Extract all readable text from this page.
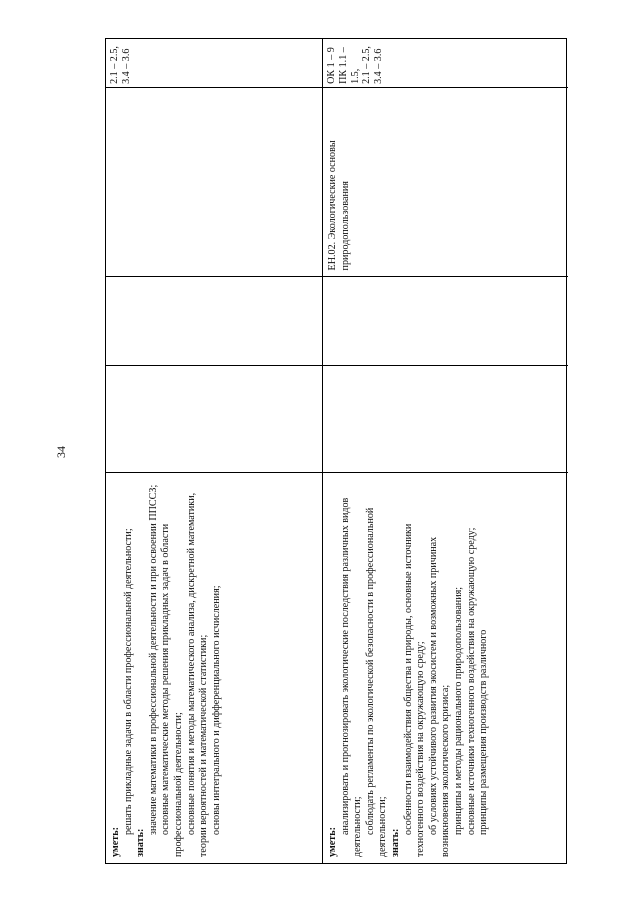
34

уметь:

решать прикладные задачи в области профессиональной деятельности;

знать:

значение математики в профессиональной деятельности и при освоении ППССЗ; основные математические методы решения прикладных задач в области профессиональной деятельности; основные понятия и методы математического анализа, дискретной математики, теории вероятностей и математической статистики; основы интегрального и дифференциального исчисления;

2.1 – 2.5,
3.4 – 3.6

уметь:

анализировать и прогнозировать экологические последствия различных видов деятельности; соблюдать регламенты по экологической безопасности в профессиональной деятельности; знать:

особенности взаимодействия общества и природы, основные источники техногенного воздействия на окружающую среду; об условиях устойчивого развития экосистем и возможных причинах возникновения экологического кризиса; принципы и методы рационального природопользования; основные источники техногенного воздействия на окружающую среду; принципы размещения производств различного

ЕН.02. Экологические основы природопользования
ОК 1 – 9
ПК 1.1 – 1.5,
2.1 – 2.5,
3.4 – 3.6
